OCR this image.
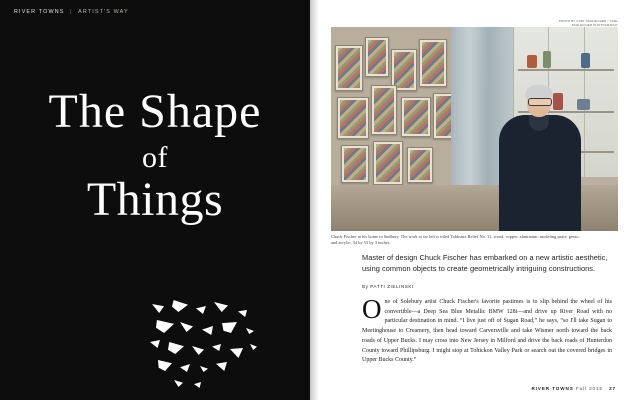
RIVER TOWNS | ARTIST'S WAY
The Shape
of
Things
PHOTO BY CARL SCHLEICHER / CARL SCHLEICHER PHOTOGRAPHY
Chuck Fischer at his home in Sudbury. The work at far left is titled Tableaux Relief No. 11, wood, copper, aluminum, modeling paste, gesso, and acrylic, 34 by 53 by 3 inches.
Master of design Chuck Fischer has embarked on a new artistic aesthetic, using common objects to create geometrically intriguing constructions.
By PATTI ZIELINSKI
One of Solebury artist Chuck Fischer's favorite pastimes is to slip behind the wheel of his convertible—a Deep Sea Blue Metallic BMW 128i—and drive up River Road with no particular destination in mind. “I live just off of Sugan Road,” he says, “so I'll take Sugan to Meetinghouse to Creamery, then head toward Carversville and take Wismer north toward the back roads of Upper Bucks. I may cross into New Jersey in Milford and drive the back roads of Hunterdon County toward Phillipsburg. I might stop at Tohickon Valley Park or search out the covered bridges in Upper Bucks County.”
RIVER TOWNS Fall 2015 27
